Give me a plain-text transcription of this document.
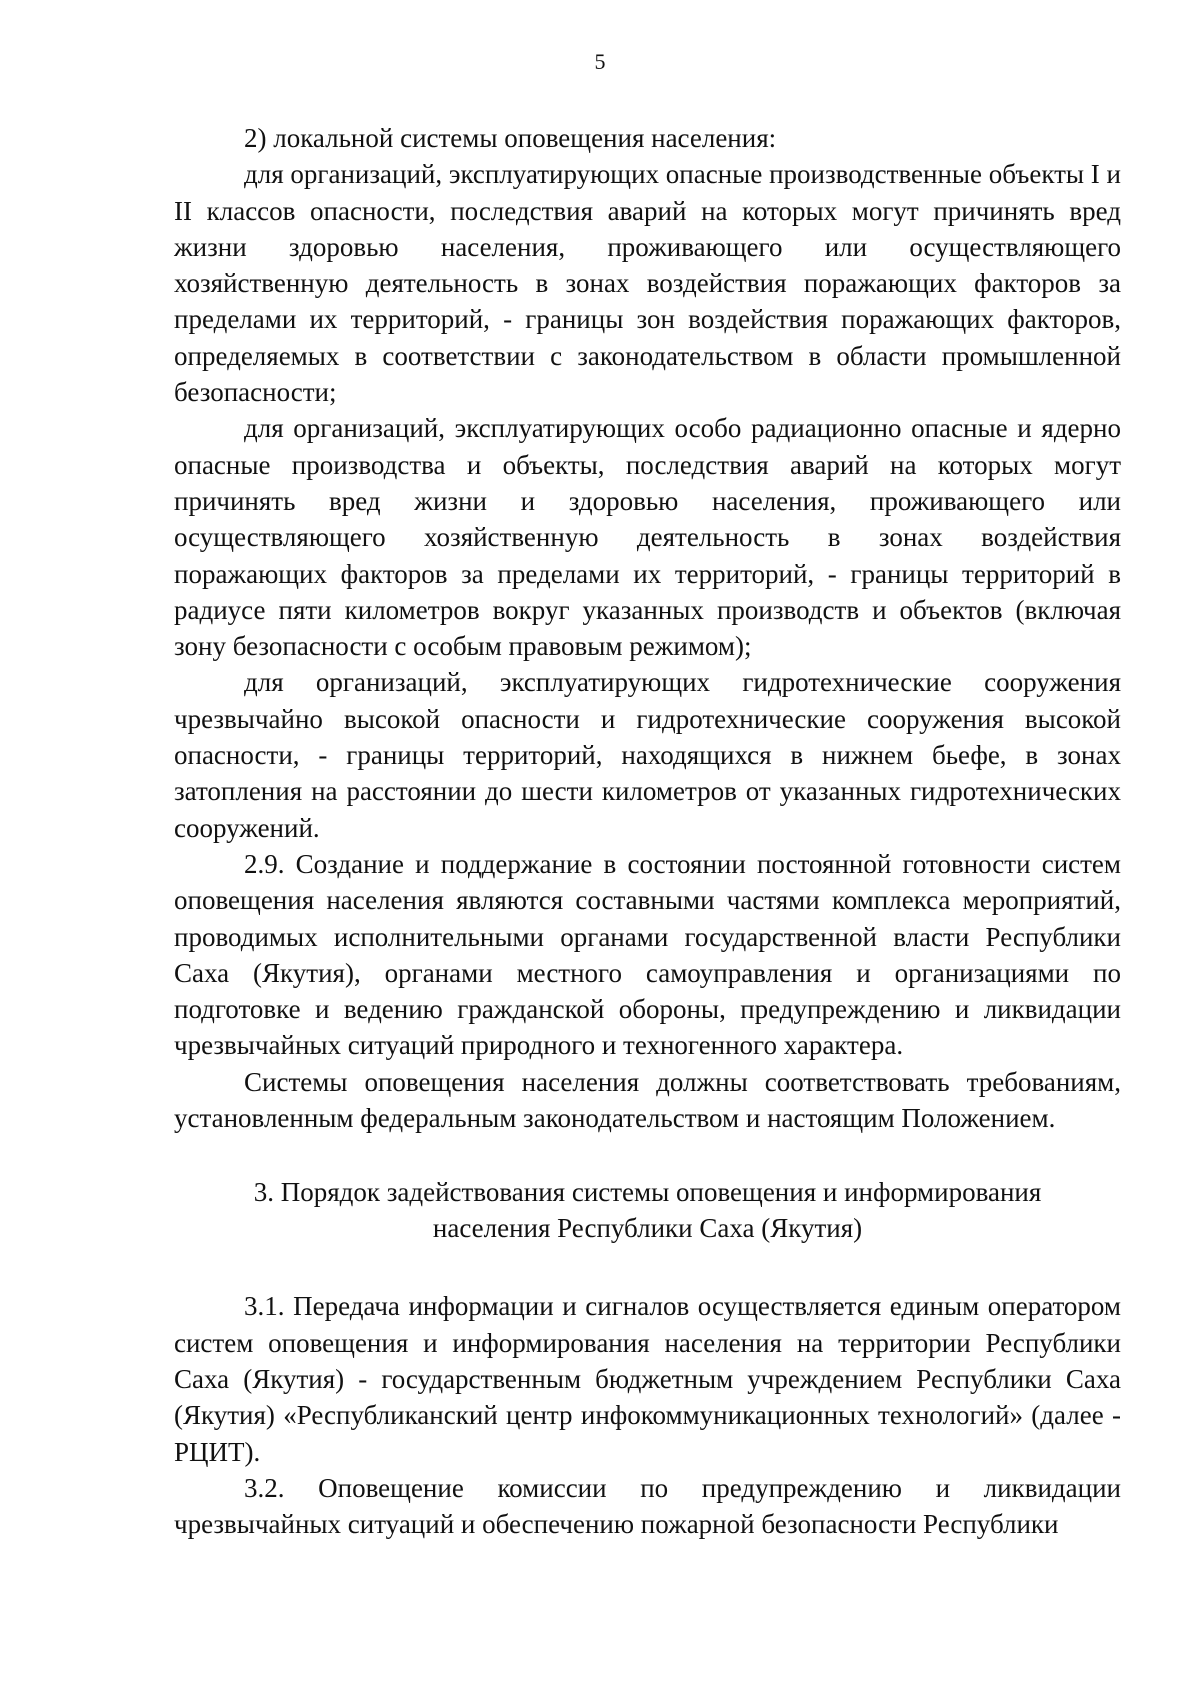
5

2) локальной системы оповещения населения:

для организаций, эксплуатирующих опасные производственные объекты I и II классов опасности, последствия аварий на которых могут причинять вред жизни здоровью населения, проживающего или осуществляющего хозяйственную деятельность в зонах воздействия поражающих факторов за пределами их территорий, - границы зон воздействия поражающих факторов, определяемых в соответствии с законодательством в области промышленной безопасности;

для организаций, эксплуатирующих особо радиационно опасные и ядерно опасные производства и объекты, последствия аварий на которых могут причинять вред жизни и здоровью населения, проживающего или осуществляющего хозяйственную деятельность в зонах воздействия поражающих факторов за пределами их территорий, - границы территорий в радиусе пяти километров вокруг указанных производств и объектов (включая зону безопасности с особым правовым режимом);

для организаций, эксплуатирующих гидротехнические сооружения чрезвычайно высокой опасности и гидротехнические сооружения высокой опасности, - границы территорий, находящихся в нижнем бьефе, в зонах затопления на расстоянии до шести километров от указанных гидротехнических сооружений.

2.9. Создание и поддержание в состоянии постоянной готовности систем оповещения населения являются составными частями комплекса мероприятий, проводимых исполнительными органами государственной власти Республики Саха (Якутия), органами местного самоуправления и организациями по подготовке и ведению гражданской обороны, предупреждению и ликвидации чрезвычайных ситуаций природного и техногенного характера.

Системы оповещения населения должны соответствовать требованиям, установленным федеральным законодательством и настоящим Положением.

3. Порядок задействования системы оповещения и информирования
населения Республики Саха (Якутия)

3.1. Передача информации и сигналов осуществляется единым оператором систем оповещения и информирования населения на территории Республики Саха (Якутия) - государственным бюджетным учреждением Республики Саха (Якутия) «Республиканский центр инфокоммуникационных технологий» (далее - РЦИТ).

3.2. Оповещение комиссии по предупреждению и ликвидации чрезвычайных ситуаций и обеспечению пожарной безопасности Республики
